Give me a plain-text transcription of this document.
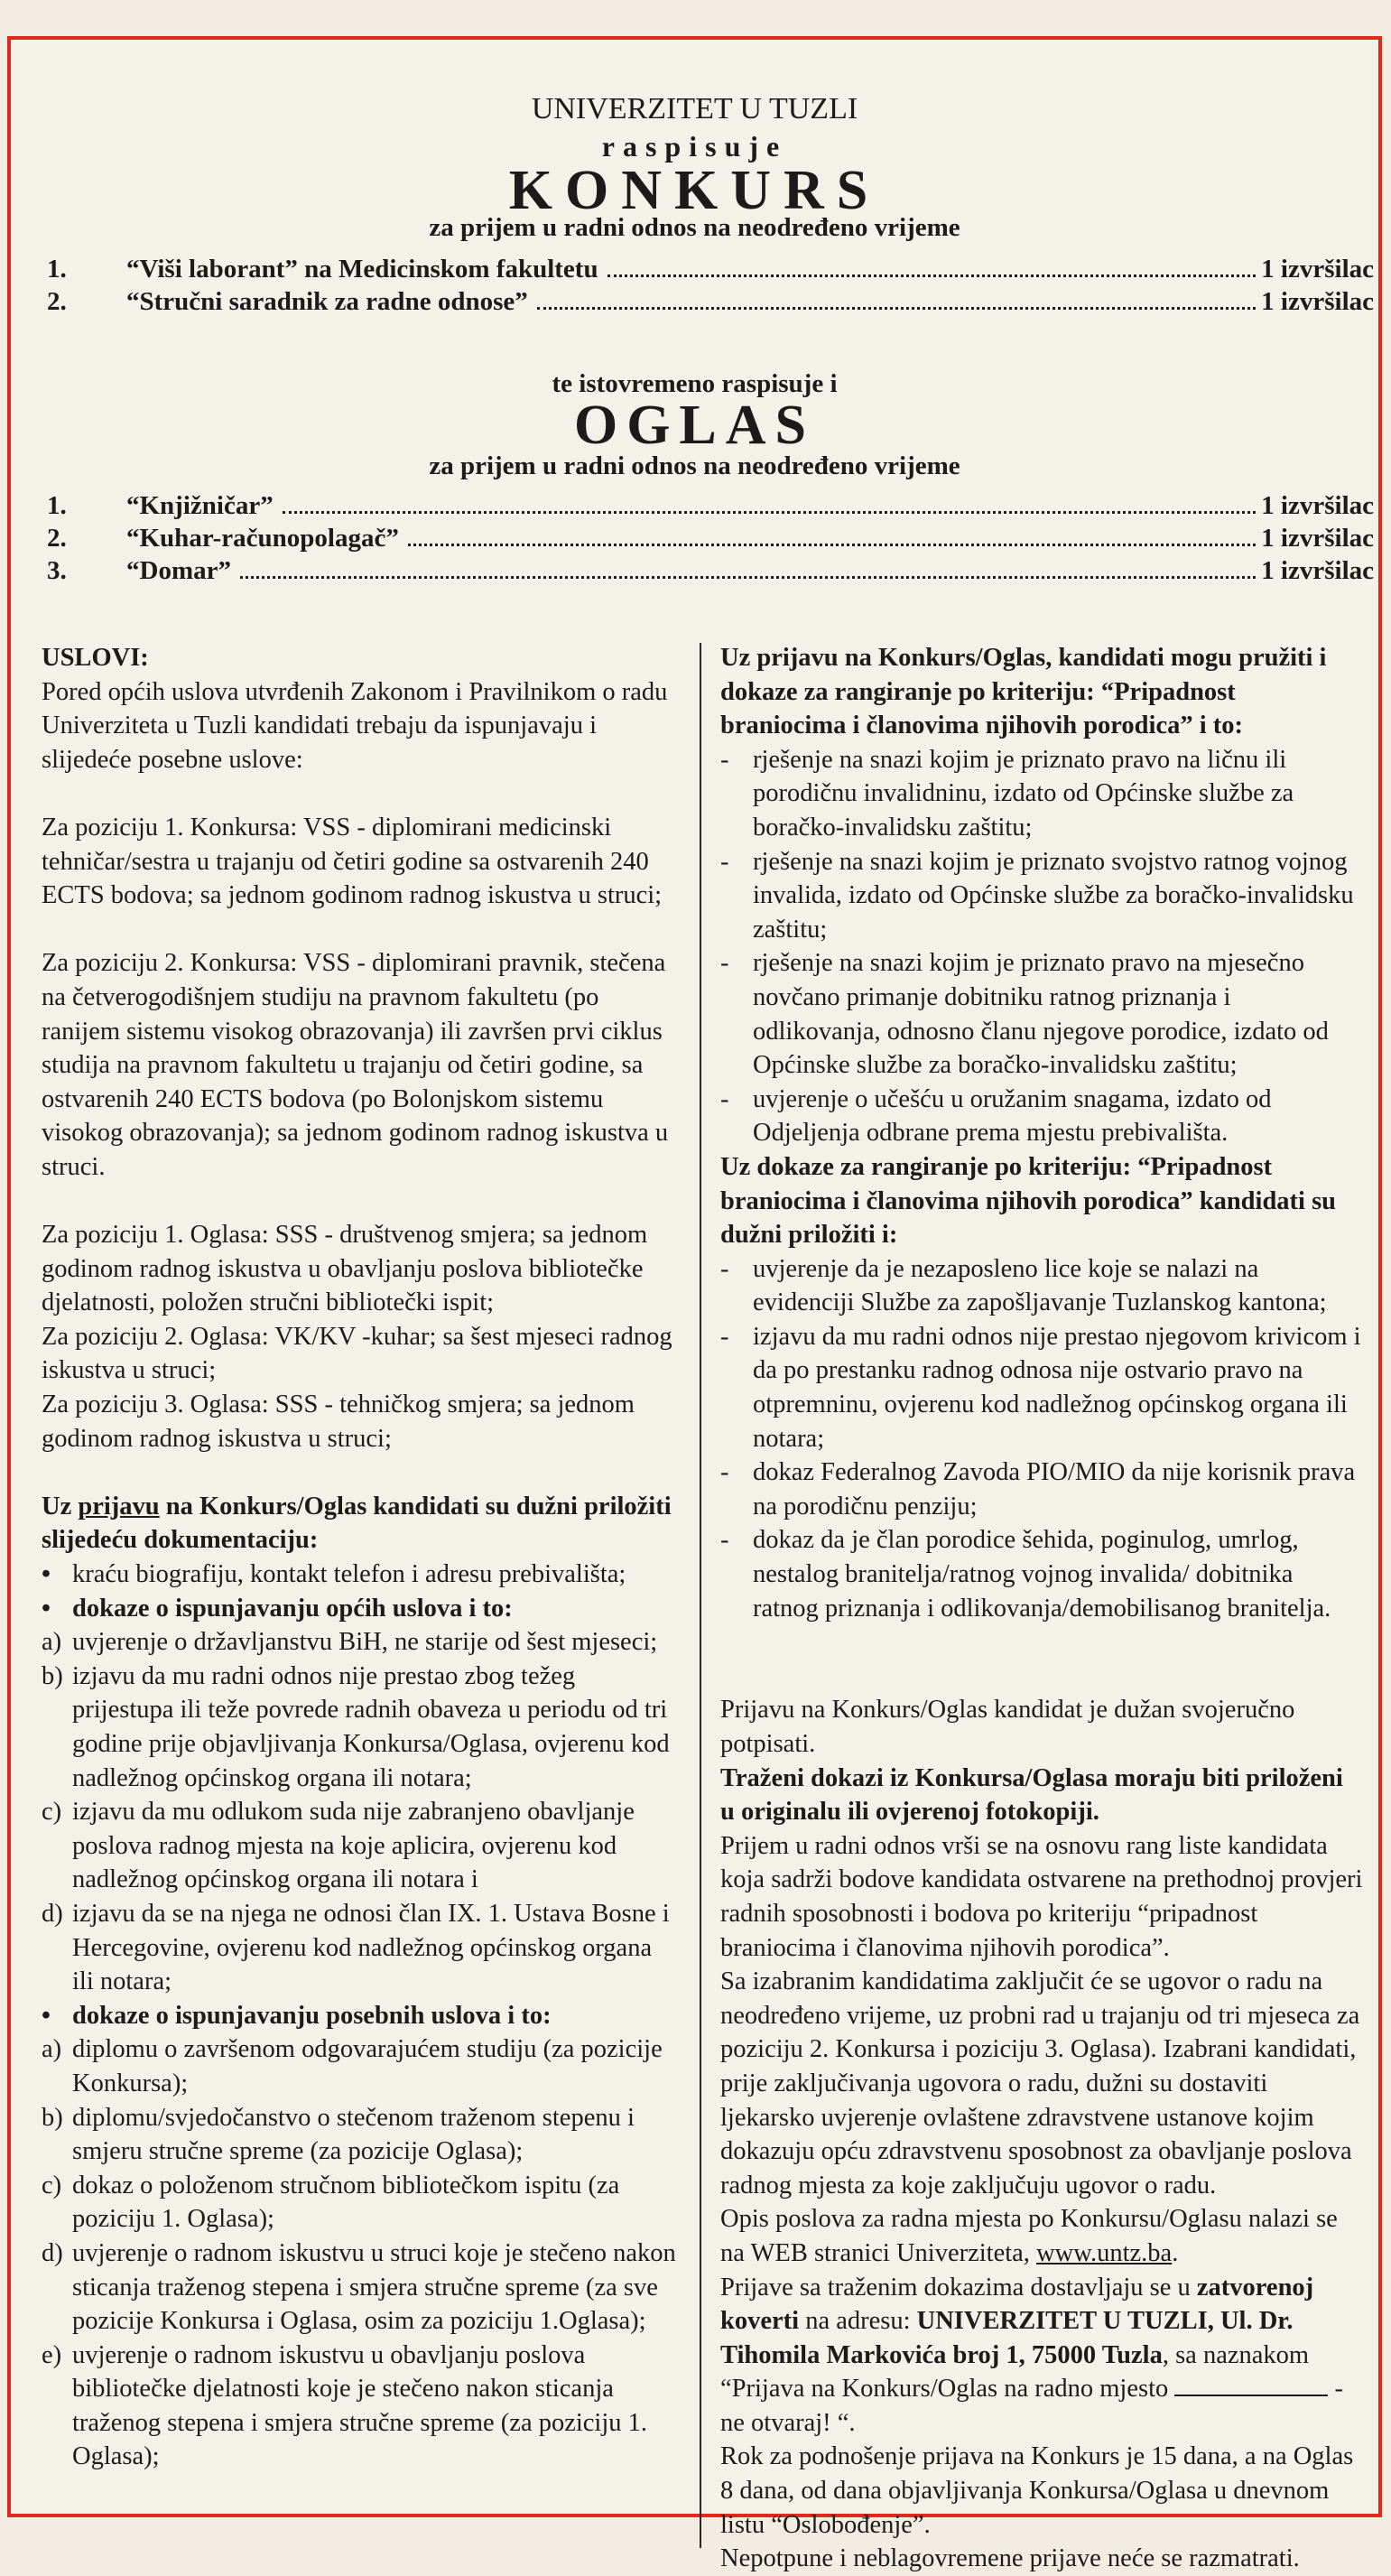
UNIVERZITET U TUZLI
raspisuje
KONKURS
za prijem u radni odnos na neodređeno vrijeme
1.	“Viši laborant” na Medicinskom fakultetu	1 izvršilac
2.	“Stručni saradnik za radne odnose”	1 izvršilac
te istovremeno raspisuje i
OGLAS
za prijem u radni odnos na neodređeno vrijeme
1.	“Knjižničar”	1 izvršilac
2.	“Kuhar-računopolagač”	1 izvršilac
3.	“Domar”	1 izvršilac

USLOVI:

Pored općih uslova utvrđenih Zakonom i Pravilnikom o radu Univerziteta u Tuzli kandidati trebaju da ispunjavaju i slijedeće posebne uslove:

Za poziciju 1. Konkursa: VSS - diplomirani medicinski tehničar/sestra u trajanju od četiri godine sa ostvarenih 240 ECTS bodova; sa jednom godinom radnog iskustva u struci;

Za poziciju 2. Konkursa: VSS - diplomirani pravnik, stečena na četverogodišnjem studiju na pravnom fakultetu (po ranijem sistemu visokog obrazovanja) ili završen prvi ciklus studija na pravnom fakultetu u trajanju od četiri godine, sa ostvarenih 240 ECTS bodova (po Bolonjskom sistemu visokog obrazovanja); sa jednom godinom radnog iskustva u struci.

Za poziciju 1. Oglasa: SSS - društvenog smjera; sa jednom godinom radnog iskustva u obavljanju poslova bibliotečke djelatnosti, položen stručni bibliotečki ispit;

Za poziciju 2. Oglasa: VK/KV -kuhar; sa šest mjeseci radnog iskustva u struci;

Za poziciju 3. Oglasa: SSS - tehničkog smjera; sa jednom godinom radnog iskustva u struci;

Uz prijavu na Konkurs/Oglas kandidati su dužni priložiti slijedeću dokumentaciju:

• kraću biografiju, kontakt telefon i adresu prebivališta;
• dokaze o ispunjavanju općih uslova i to:
a) uvjerenje o državljanstvu BiH, ne starije od šest mjeseci;
b) izjavu da mu radni odnos nije prestao zbog težeg prijestupa ili teže povrede radnih obaveza u periodu od tri godine prije objavljivanja Konkursa/Oglasa, ovjerenu kod nadležnog općinskog organa ili notara;
c) izjavu da mu odlukom suda nije zabranjeno obavljanje poslova radnog mjesta na koje aplicira, ovjerenu kod nadležnog općinskog organa ili notara i
d) izjavu da se na njega ne odnosi član IX. 1. Ustava Bosne i Hercegovine, ovjerenu kod nadležnog općinskog organa ili notara;
• dokaze o ispunjavanju posebnih uslova i to:
a) diplomu o završenom odgovarajućem studiju (za pozicije Konkursa);
b) diplomu/svjedočanstvo o stečenom traženom stepenu i smjeru stručne spreme (za pozicije Oglasa);
c) dokaz o položenom stručnom bibliotečkom ispitu (za poziciju 1. Oglasa);
d) uvjerenje o radnom iskustvu u struci koje je stečeno nakon sticanja traženog stepena i smjera stručne spreme (za sve pozicije Konkursa i Oglasa, osim za poziciju 1.Oglasa);
e) uvjerenje o radnom iskustvu u obavljanju poslova bibliotečke djelatnosti koje je stečeno nakon sticanja traženog stepena i smjera stručne spreme (za poziciju 1. Oglasa);

Uz prijavu na Konkurs/Oglas, kandidati mogu pružiti i dokaze za rangiranje po kriteriju: “Pripadnost braniocima i članovima njihovih porodica” i to:

- rješenje na snazi kojim je priznato pravo na ličnu ili porodičnu invalidninu, izdato od Općinske službe za boračko-invalidsku zaštitu;
- rješenje na snazi kojim je priznato svojstvo ratnog vojnog invalida, izdato od Općinske službe za boračko-invalidsku zaštitu;
- rješenje na snazi kojim je priznato pravo na mjesečno novčano primanje dobitniku ratnog priznanja i odlikovanja, odnosno članu njegove porodice, izdato od Općinske službe za boračko-invalidsku zaštitu;
- uvjerenje o učešću u oružanim snagama, izdato od Odjeljenja odbrane prema mjestu prebivališta.

Uz dokaze za rangiranje po kriteriju: “Pripadnost braniocima i članovima njihovih porodica” kandidati su dužni priložiti i:

- uvjerenje da je nezaposleno lice koje se nalazi na evidenciji Službe za zapošljavanje Tuzlanskog kantona;
- izjavu da mu radni odnos nije prestao njegovom krivicom i da po prestanku radnog odnosa nije ostvario pravo na otpremninu, ovjerenu kod nadležnog općinskog organa ili notara;
- dokaz Federalnog Zavoda PIO/MIO da nije korisnik prava na porodičnu penziju;
- dokaz da je član porodice šehida, poginulog, umrlog, nestalog branitelja/ratnog vojnog invalida/ dobitnika ratnog priznanja i odlikovanja/demobilisanog branitelja.

Prijavu na Konkurs/Oglas kandidat je dužan svojeručno potpisati.

Traženi dokazi iz Konkursa/Oglasa moraju biti priloženi u originalu ili ovjerenoj fotokopiji.

Prijem u radni odnos vrši se na osnovu rang liste kandidata koja sadrži bodove kandidata ostvarene na prethodnoj provjeri radnih sposobnosti i bodova po kriteriju “pripadnost braniocima i članovima njihovih porodica”.

Sa izabranim kandidatima zaključit će se ugovor o radu na neodređeno vrijeme, uz probni rad u trajanju od tri mjeseca za poziciju 2. Konkursa i poziciju 3. Oglasa). Izabrani kandidati, prije zaključivanja ugovora o radu, dužni su dostaviti ljekarsko uvjerenje ovlaštene zdravstvene ustanove kojim dokazuju opću zdravstvenu sposobnost za obavljanje poslova radnog mjesta za koje zaključuju ugovor o radu.

Opis poslova za radna mjesta po Konkursu/Oglasu nalazi se na WEB stranici Univerziteta, www.untz.ba.

Prijave sa traženim dokazima dostavljaju se u zatvorenoj koverti na adresu: UNIVERZITET U TUZLI, Ul. Dr. Tihomila Markovića broj 1, 75000 Tuzla, sa naznakom “Prijava na Konkurs/Oglas na radno mjesto	- ne otvaraj! “.

Rok za podnošenje prijava na Konkurs je 15 dana, a na Oglas 8 dana, od dana objavljivanja Konkursa/Oglasa u dnevnom listu “Oslobođenje”.

Nepotpune i neblagovremene prijave neće se razmatrati.
